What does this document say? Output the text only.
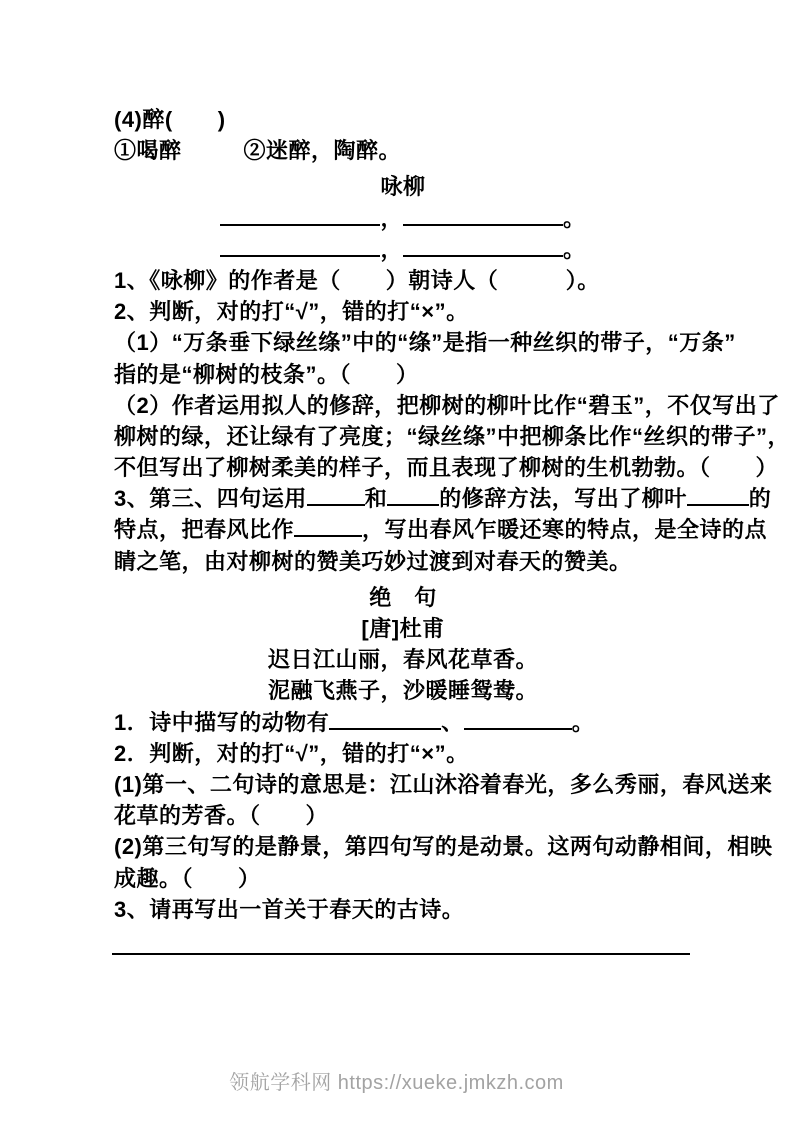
(4)醉(　　)
①喝醉	②迷醉，陶醉。
咏柳
，	。
，	。
1、《咏柳》的作者是（　　）朝诗人（　　　）。
2、判断，对的打“√”，错的打“×”。
（1）“万条垂下绿丝绦”中的“绦”是指一种丝织的带子，“万条”
指的是“柳树的枝条”。（　　）
（2）作者运用拟人的修辞，把柳树的柳叶比作“碧玉”，不仅写出了
柳树的绿，还让绿有了亮度；“绿丝绦”中把柳条比作“丝织的带子”，
不但写出了柳树柔美的样子，而且表现了柳树的生机勃勃。（　　）
3、第三、四句运用	和 的修辞方法，写出了柳叶	的
特点，把春风比作	，写出春风乍暖还寒的特点，是全诗的点
睛之笔，由对柳树的赞美巧妙过渡到对春天的赞美。
绝　句
[唐]杜甫
迟日江山丽，春风花草香。
泥融飞燕子，沙暖睡鸳鸯。
1．诗中描写的动物有	、	。
2．判断，对的打“√”，错的打“×”。
(1)第一、二句诗的意思是：江山沐浴着春光，多么秀丽，春风送来
花草的芳香。（　　）
(2)第三句写的是静景，第四句写的是动景。这两句动静相间，相映
成趣。（　　）
3、请再写出一首关于春天的古诗。
领航学科网 https://xueke.jmkzh.com
